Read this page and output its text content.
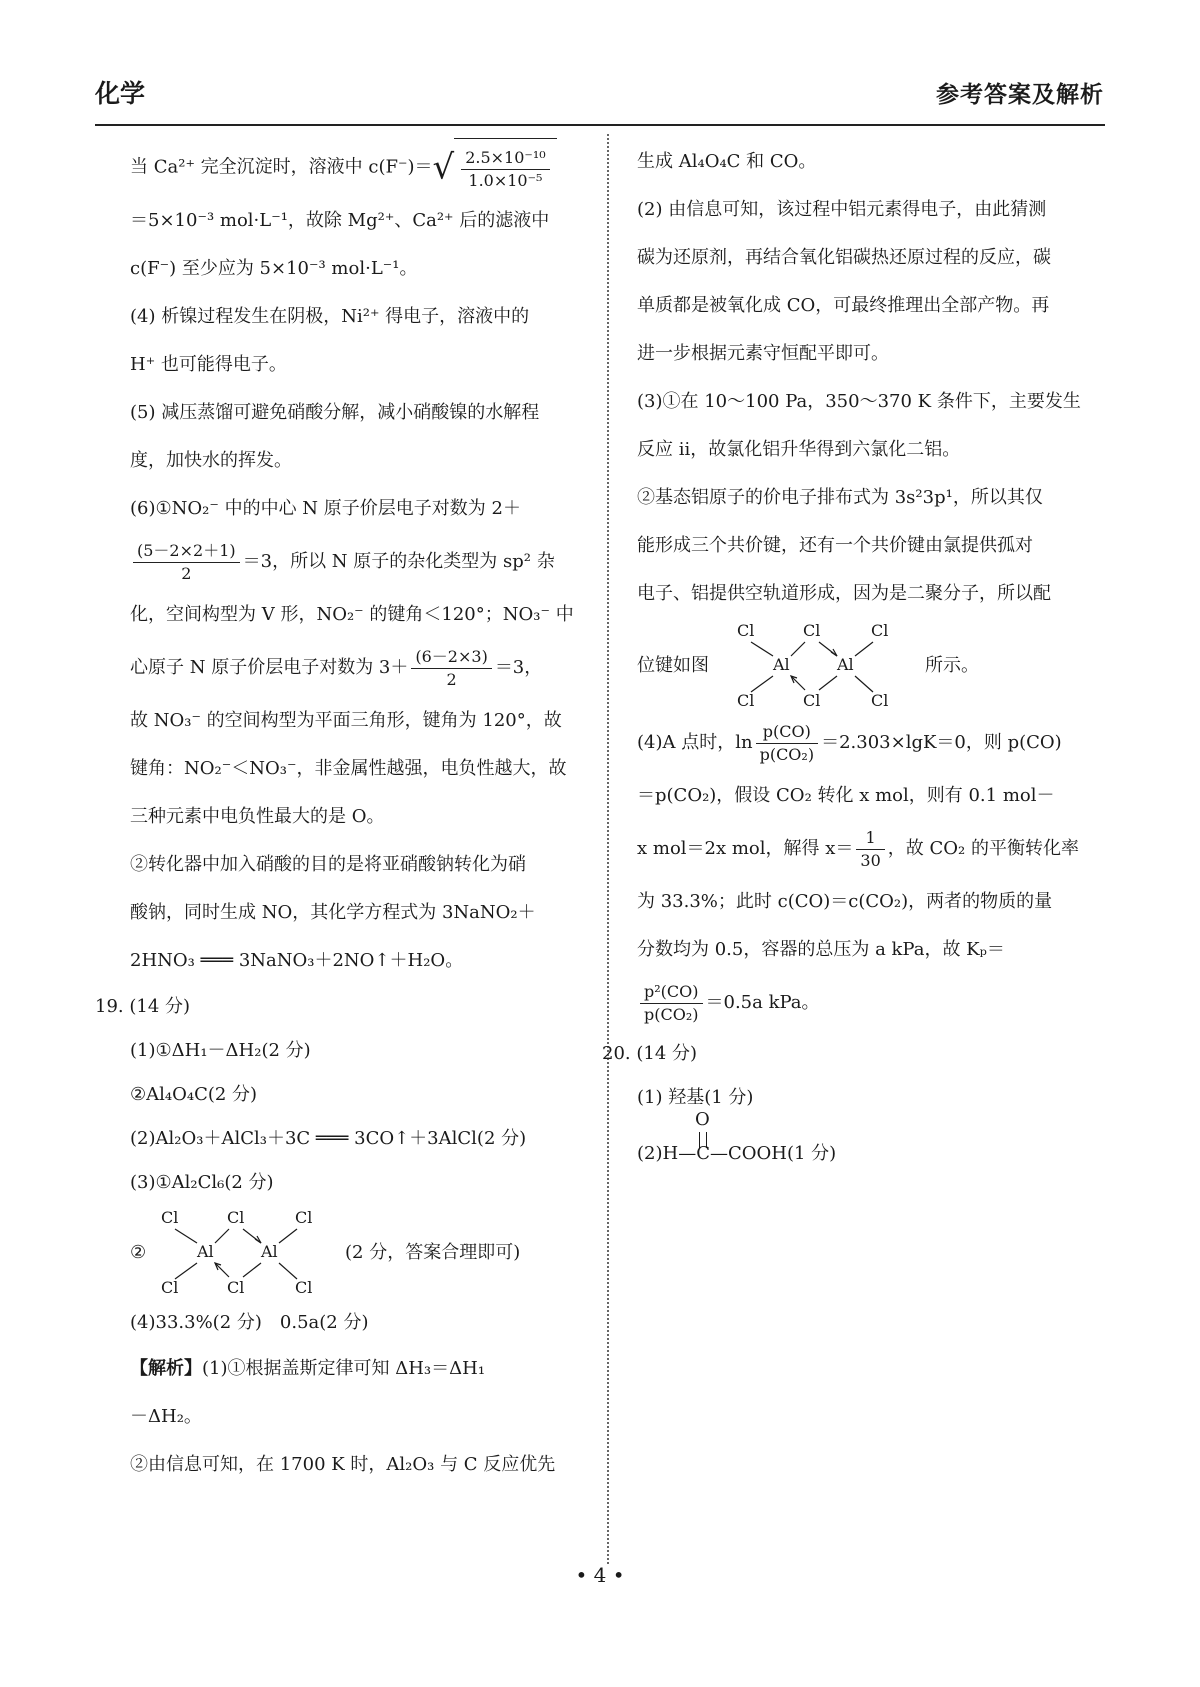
化学	参考答案及解析

当 Ca²⁺ 完全沉淀时，溶液中 $c(F^-)=√ \frac{\text{2.5×10⁻¹⁰}}{\text{1.0×10⁻⁵}}$

＝5×10⁻³ mol·L⁻¹，故除 Mg²⁺、Ca²⁺ 后的滤液中

c(F⁻) 至少应为 5×10⁻³ mol·L⁻¹。

(4) 析镍过程发生在阴极，Ni²⁺ 得电子，溶液中的

H⁺ 也可能得电子。

(5) 减压蒸馏可避免硝酸分解，减小硝酸镍的水解程

度，加快水的挥发。

(6)①NO₂⁻ 中的中心 N 原子价层电子对数为 2＋

$\frac{(5-2\times 2+1)}{2} =3$，所以 N 原子的杂化类型为 sp² 杂

化，空间构型为 V 形，NO₂⁻ 的键角＜120°；NO₃⁻ 中

心原子 N 原子价层电子对数为 $3+ \frac{(6-2\times 3)}{2} =3$，

故 NO₃⁻ 的空间构型为平面三角形，键角为 120°，故

键角：NO₂⁻＜NO₃⁻，非金属性越强，电负性越大，故

三种元素中电负性最大的是 O。

②转化器中加入硝酸的目的是将亚硝酸钠转化为硝

酸钠，同时生成 NO，其化学方程式为 3NaNO₂＋

2HNO₃ ═══ 3NaNO₃＋2NO↑＋H₂O。

19. (14 分)

(1)①ΔH₁－ΔH₂(2 分)

②Al₄O₄C(2 分)

(2)Al₂O₃＋AlCl₃＋3C ═══ 3CO↑＋3AlCl(2 分)

(3)①Al₂Cl₆(2 分)

②
Cl	Cl	Cl
Al	Al
Cl	Cl	Cl
(2 分，答案合理即可)

(4)33.3%(2 分)　0.5a(2 分)

【解析】(1)①根据盖斯定律可知 ΔH₃＝ΔH₁

－ΔH₂。

②由信息可知，在 1700 K 时，Al₂O₃ 与 C 反应优先

生成 Al₄O₄C 和 CO。

(2) 由信息可知，该过程中铝元素得电子，由此猜测

碳为还原剂，再结合氧化铝碳热还原过程的反应，碳

单质都是被氧化成 CO，可最终推理出全部产物。再

进一步根据元素守恒配平即可。

(3)①在 10～100 Pa，350～370 K 条件下，主要发生

反应 ⅱ，故氯化铝升华得到六氯化二铝。

②基态铝原子的价电子排布式为 3s²3p¹，所以其仅

能形成三个共价键，还有一个共价键由氯提供孤对

电子、铝提供空轨道形成，因为是二聚分子，所以配

位键如图
Cl	Cl	Cl
Al	Al
Cl	Cl	Cl
所示。

(4)A 点时，$\ln \frac{p(CO)}{\text{p(CO₂)}} =2.303\times\lg K=0$，则 p(CO)

＝p(CO₂)，假设 CO₂ 转化 x mol，则有 0.1 mol－

x mol＝2x mol，解得 $x= \frac{1}{30}$ ，故 CO₂ 的平衡转化率

为 33.3%；此时 c(CO)＝c(CO₂)，两者的物质的量

分数均为 0.5，容器的总压为 a kPa，故 Kₚ＝

$\frac{\text{p²(CO)}}{\text{p(CO₂)}} =0.5a$ kPa。

20. (14 分)

(1) 羟基(1 分)

O
(2)H—C—COOH(1 分)
• 4 •
